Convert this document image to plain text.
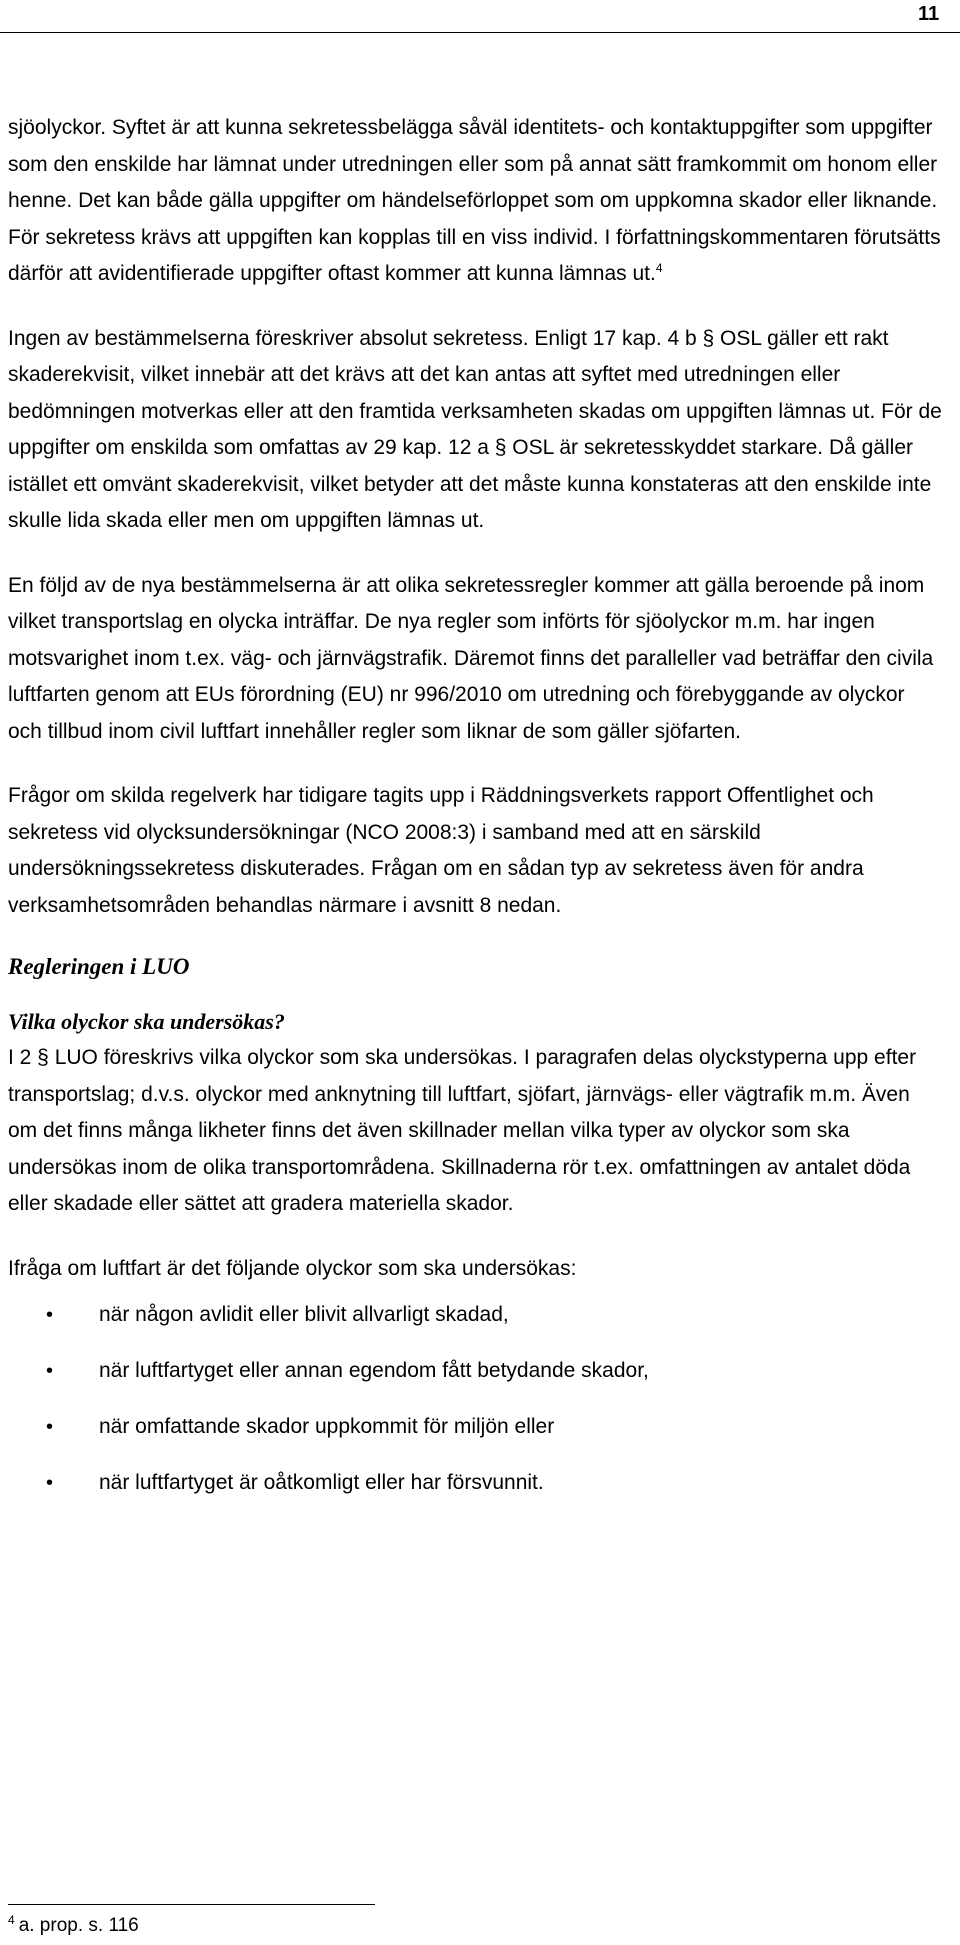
11

sjöolyckor. Syftet är att kunna sekretessbelägga såväl identitets- och kontaktuppgifter som uppgifter som den enskilde har lämnat under utredningen eller som på annat sätt framkommit om honom eller henne. Det kan både gälla uppgifter om händelseförloppet som om uppkomna skador eller liknande. För sekretess krävs att uppgiften kan kopplas till en viss individ. I författningskommentaren förutsätts därför att avidentifierade uppgifter oftast kommer att kunna lämnas ut.$^4$

Ingen av bestämmelserna föreskriver absolut sekretess. Enligt 17 kap. 4 b § OSL gäller ett rakt skaderekvisit, vilket innebär att det krävs att det kan antas att syftet med utredningen eller bedömningen motverkas eller att den framtida verksamheten skadas om uppgiften lämnas ut. För de uppgifter om enskilda som omfattas av 29 kap. 12 a § OSL är sekretesskyddet starkare. Då gäller istället ett omvänt skaderekvisit, vilket betyder att det måste kunna konstateras att den enskilde inte skulle lida skada eller men om uppgiften lämnas ut.

En följd av de nya bestämmelserna är att olika sekretessregler kommer att gälla beroende på inom vilket transportslag en olycka inträffar. De nya regler som införts för sjöolyckor m.m. har ingen motsvarighet inom t.ex. väg- och järnvägstrafik. Däremot finns det paralleller vad beträffar den civila luftfarten genom att EUs förordning (EU) nr 996/2010 om utredning och förebyggande av olyckor och tillbud inom civil luftfart innehåller regler som liknar de som gäller sjöfarten.

Frågor om skilda regelverk har tidigare tagits upp i Räddningsverkets rapport Offentlighet och sekretess vid olycksundersökningar (NCO 2008:3) i samband med att en särskild undersökningssekretess diskuterades. Frågan om en sådan typ av sekretess även för andra verksamhetsområden behandlas närmare i avsnitt 8 nedan.

Regleringen i LUO
Vilka olyckor ska undersökas?

I 2 § LUO föreskrivs vilka olyckor som ska undersökas. I paragrafen delas olyckstyperna upp efter transportslag; d.v.s. olyckor med anknytning till luftfart, sjöfart, järnvägs- eller vägtrafik m.m. Även om det finns många likheter finns det även skillnader mellan vilka typer av olyckor som ska undersökas inom de olika transportområdena. Skillnaderna rör t.ex. omfattningen av antalet döda eller skadade eller sättet att gradera materiella skador.

Ifråga om luftfart är det följande olyckor som ska undersökas:

• när någon avlidit eller blivit allvarligt skadad,
• när luftfartyget eller annan egendom fått betydande skador,
• när omfattande skador uppkommit för miljön eller
• när luftfartyget är oåtkomligt eller har försvunnit.
$^4$ a. prop. s. 116
